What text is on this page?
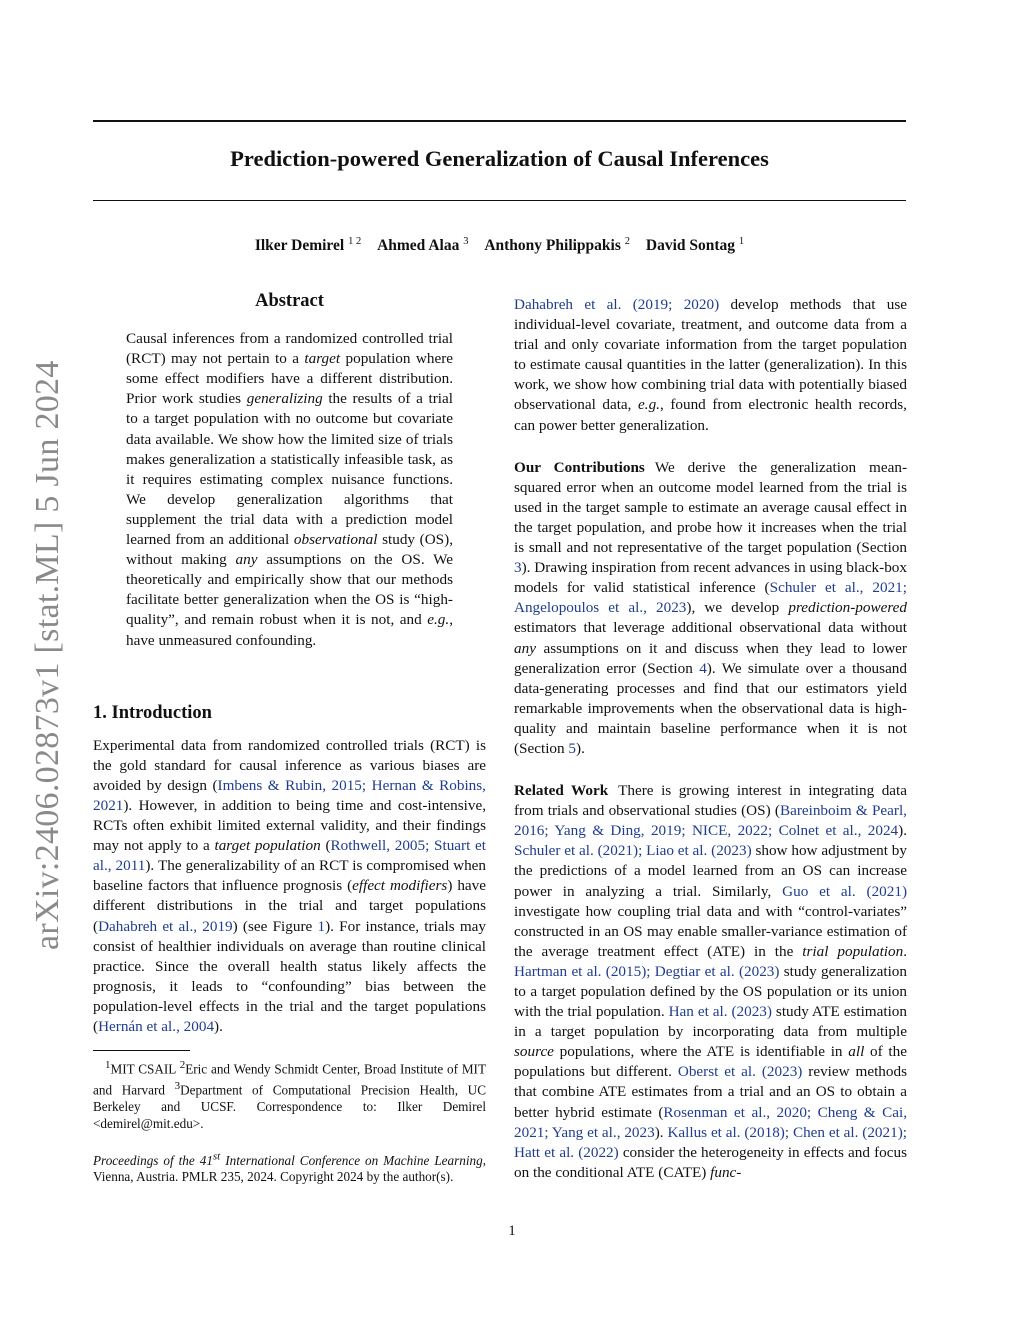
arXiv:2406.02873v1 [stat.ML] 5 Jun 2024
Prediction-powered Generalization of Causal Inferences
Ilker Demirel $^{1 2}$ Ahmed Alaa $^3$ Anthony Philippakis $^2$ David Sontag $^1$
Abstract

Causal inferences from a randomized controlled trial (RCT) may not pertain to a target population where some effect modifiers have a different distribution. Prior work studies generalizing the results of a trial to a target population with no outcome but covariate data available. We show how the limited size of trials makes generalization a statistically infeasible task, as it requires estimating complex nuisance functions. We develop generalization algorithms that supplement the trial data with a prediction model learned from an additional observational study (OS), without making any assumptions on the OS. We theoretically and empirically show that our methods facilitate better generalization when the OS is “high-quality”, and remain robust when it is not, and e.g., have unmeasured confounding.

1. Introduction

Experimental data from randomized controlled trials (RCT) is the gold standard for causal inference as various biases are avoided by design (Imbens & Rubin, 2015; Hernan & Robins, 2021). However, in addition to being time and cost-intensive, RCTs often exhibit limited external validity, and their findings may not apply to a target population (Rothwell, 2005; Stuart et al., 2011). The generalizability of an RCT is compromised when baseline factors that influence prognosis (effect modifiers) have different distributions in the trial and target populations (Dahabreh et al., 2019) (see Figure 1). For instance, trials may consist of healthier individuals on average than routine clinical practice. Since the overall health status likely affects the prognosis, it leads to “confounding” bias between the population-level effects in the trial and the target populations (Hernán et al., 2004).

$^1$MIT CSAIL $^2$Eric and Wendy Schmidt Center, Broad Institute of MIT and Harvard $^3$Department of Computational Precision Health, UC Berkeley and UCSF. Correspondence to: Ilker Demirel <demirel@mit.edu>.

Proceedings of the 41st International Conference on Machine Learning, Vienna, Austria. PMLR 235, 2024. Copyright 2024 by the author(s).

Dahabreh et al. (2019; 2020) develop methods that use individual-level covariate, treatment, and outcome data from a trial and only covariate information from the target population to estimate causal quantities in the latter (generalization). In this work, we show how combining trial data with potentially biased observational data, e.g., found from electronic health records, can power better generalization.

Our Contributions We derive the generalization mean-squared error when an outcome model learned from the trial is used in the target sample to estimate an average causal effect in the target population, and probe how it increases when the trial is small and not representative of the target population (Section 3). Drawing inspiration from recent advances in using black-box models for valid statistical inference (Schuler et al., 2021; Angelopoulos et al., 2023), we develop prediction-powered estimators that leverage additional observational data without any assumptions on it and discuss when they lead to lower generalization error (Section 4). We simulate over a thousand data-generating processes and find that our estimators yield remarkable improvements when the observational data is high-quality and maintain baseline performance when it is not (Section 5).

Related Work There is growing interest in integrating data from trials and observational studies (OS) (Bareinboim & Pearl, 2016; Yang & Ding, 2019; NICE, 2022; Colnet et al., 2024). Schuler et al. (2021); Liao et al. (2023) show how adjustment by the predictions of a model learned from an OS can increase power in analyzing a trial. Similarly, Guo et al. (2021) investigate how coupling trial data and with “control-variates” constructed in an OS may enable smaller-variance estimation of the average treatment effect (ATE) in the trial population. Hartman et al. (2015); Degtiar et al. (2023) study generalization to a target population defined by the OS population or its union with the trial population. Han et al. (2023) study ATE estimation in a target population by incorporating data from multiple source populations, where the ATE is identifiable in all of the populations but different. Oberst et al. (2023) review methods that combine ATE estimates from a trial and an OS to obtain a better hybrid estimate (Rosenman et al., 2020; Cheng & Cai, 2021; Yang et al., 2023). Kallus et al. (2018); Chen et al. (2021); Hatt et al. (2022) consider the heterogeneity in effects and focus on the conditional ATE (CATE) func-

1
